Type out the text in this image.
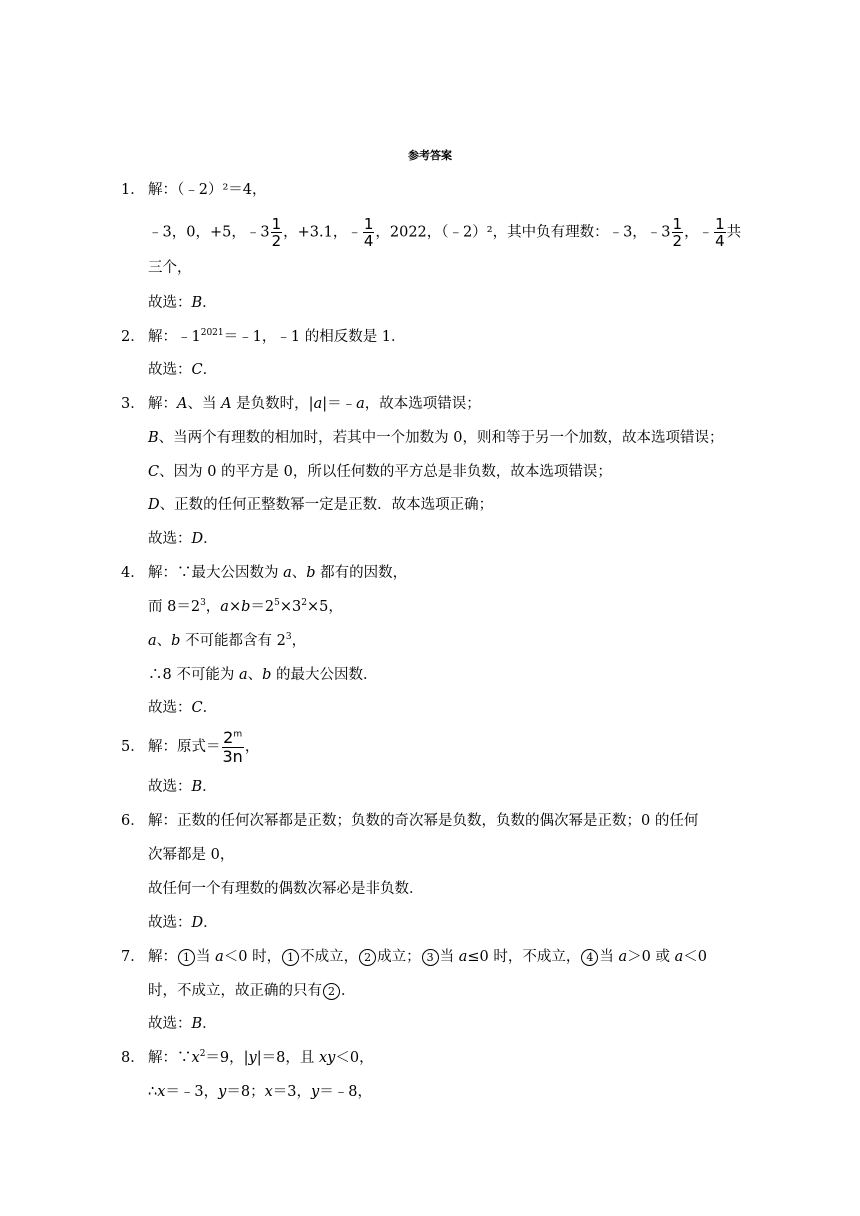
参考答案
1． 解：（﹣2）²＝4，
﹣3，0，+5，﹣3 $\frac{1}{2}$ ，+3.1，﹣ $\frac{1}{4}$ ，2022，（﹣2）²，其中负有理数：﹣3，﹣3 $\frac{1}{2}$ ，﹣ $\frac{1}{4}$ 共
三个，
故选：B．
2． 解：$﹣1^{2021}=﹣1$，﹣1 的相反数是 1．
故选：C．
3． 解：A、当 A 是负数时，|a|＝﹣a，故本选项错误；
B、当两个有理数的相加时，若其中一个加数为 0，则和等于另一个加数，故本选项错误；
C、因为 0 的平方是 0，所以任何数的平方总是非负数，故本选项错误；
D、正数的任何正整数幂一定是正数．故本选项正确；
故选：D．
4． 解：∵最大公因数为 a、b 都有的因数，
而 $8=2^3$，$a\times b=2^5\times 3^2\times 5$，
a、b 不可能都含有 $2^3$，
∴8 不可能为 a、b 的最大公因数．
故选：C．
5． 解：原式＝ $\frac{2^m}{3n}$ ，
故选：B．
6． 解：正数的任何次幂都是正数；负数的奇次幂是负数，负数的偶次幂是正数；0 的任何
次幂都是 0，
故任何一个有理数的偶数次幂必是非负数．
故选：D．
7． 解： 1 当 a＜0 时， 1 不成立， 2 成立； 3 当 a≤0 时，不成立， 4 当 a＞0 或 a＜0
时，不成立，故正确的只有 2 ．
故选：B．
8． 解：$\because x^2=9$，|y|＝8，且 xy＜0，
∴x＝﹣3，y＝8；x＝3，y＝﹣8，
